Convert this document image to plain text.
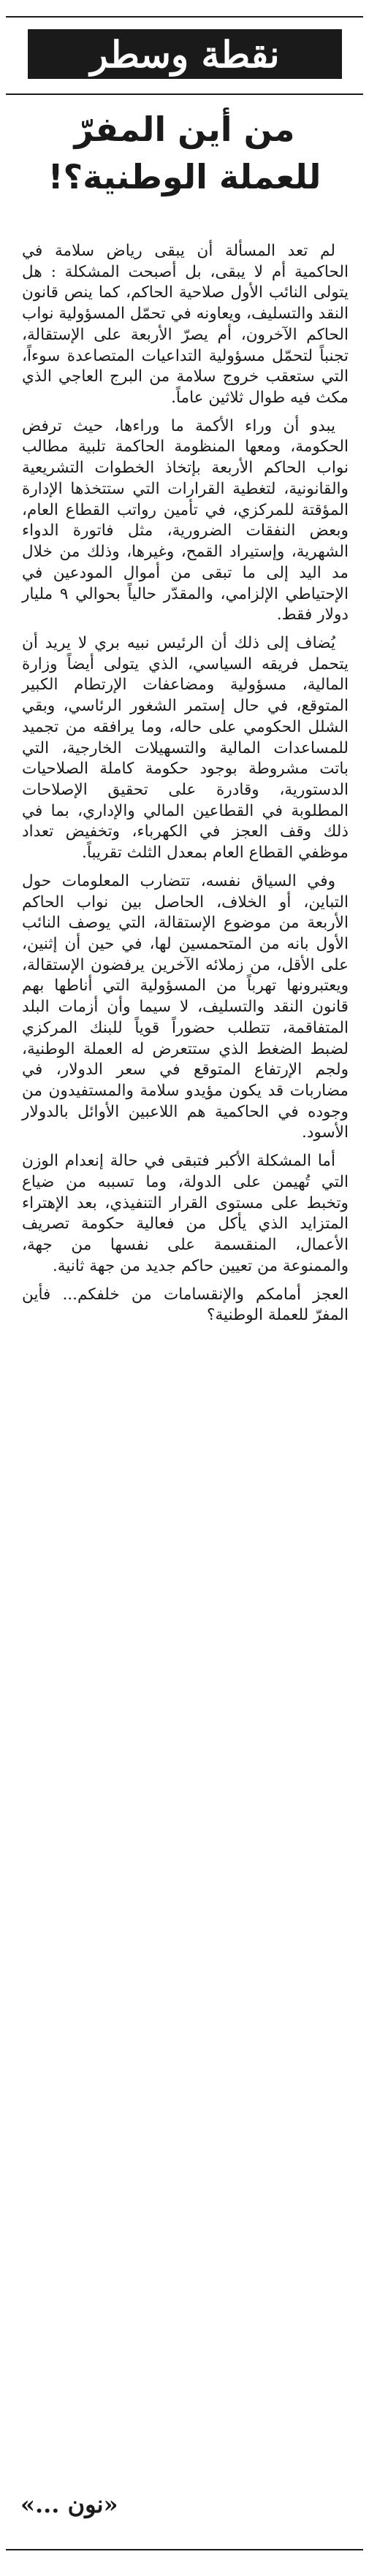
نقطة وسطر
من أين المفرّ
للعملة الوطنية؟!

لم تعد المسألة أن يبقى رياض سلامة في الحاكمية أم لا يبقى، بل أصبحت المشكلة : هل يتولى النائب الأول صلاحية الحاكم، كما ينص قانون النقد والتسليف، ويعاونه في تحمّل المسؤولية نواب الحاكم الآخرون، أم يصرّ الأربعة على الإستقالة، تجنباً لتحمّل مسؤولية التداعيات المتصاعدة سوءاً، التي ستعقب خروج سلامة من البرج العاجي الذي مكث فيه طوال ثلاثين عاماً.

يبدو أن وراء الأكمة ما وراءها، حيث ترفض الحكومة، ومعها المنظومة الحاكمة تلبية مطالب نواب الحاكم الأربعة بإتخاذ الخطوات التشريعية والقانونية، لتغطية القرارات التي ستتخذها الإدارة المؤقتة للمركزي، في تأمين رواتب القطاع العام، وبعض النفقات الضرورية، مثل فاتورة الدواء الشهرية، وإستيراد القمح، وغيرها، وذلك من خلال مد اليد إلى ما تبقى من أموال المودعين في الإحتياطي الإلزامي، والمقدّر حالياً بحوالي ٩ مليار دولار فقط.

يُضاف إلى ذلك أن الرئيس نبيه بري لا يريد أن يتحمل فريقه السياسي، الذي يتولى أيضاً وزارة المالية، مسؤولية ومضاعفات الإرتطام الكبير المتوقع، في حال إستمر الشغور الرئاسي، وبقي الشلل الحكومي على حاله، وما يرافقه من تجميد للمساعدات المالية والتسهيلات الخارجية، التي باتت مشروطة بوجود حكومة كاملة الصلاحيات الدستورية، وقادرة على تحقيق الإصلاحات المطلوبة في القطاعين المالي والإداري، بما في ذلك وقف العجز في الكهرباء، وتخفيض تعداد موظفي القطاع العام بمعدل الثلث تقريباً.

وفي السياق نفسه، تتضارب المعلومات حول التباين، أو الخلاف، الحاصل بين نواب الحاكم الأربعة من موضوع الإستقالة، التي يوصف النائب الأول بانه من المتحمسين لها، في حين أن إثنين، على الأقل، من زملائه الآخرين يرفضون الإستقالة، ويعتبرونها تهرباً من المسؤولية التي أناطها بهم قانون النقد والتسليف، لا سيما وأن أزمات البلد المتفاقمة، تتطلب حضوراً قوياً للبنك المركزي لضبط الضغط الذي ستتعرض له العملة الوطنية، ولجم الإرتفاع المتوقع في سعر الدولار، في مضاربات قد يكون مؤيدو سلامة والمستفيدون من وجوده في الحاكمية هم اللاعبين الأوائل بالدولار الأسود.

أما المشكلة الأكبر فتبقى في حالة إنعدام الوزن التي تُهيمن على الدولة، وما تسببه من ضياع وتخبط على مستوى القرار التنفيذي، بعد الإهتراء المتزايد الذي يأكل من فعالية حكومة تصريف الأعمال، المنقسمة على نفسها من جهة، والممنوعة من تعيين حاكم جديد من جهة ثانية.

العجز أمامكم والإنقسامات من خلفكم... فأين المفرّ للعملة الوطنية؟

«نون ...»
